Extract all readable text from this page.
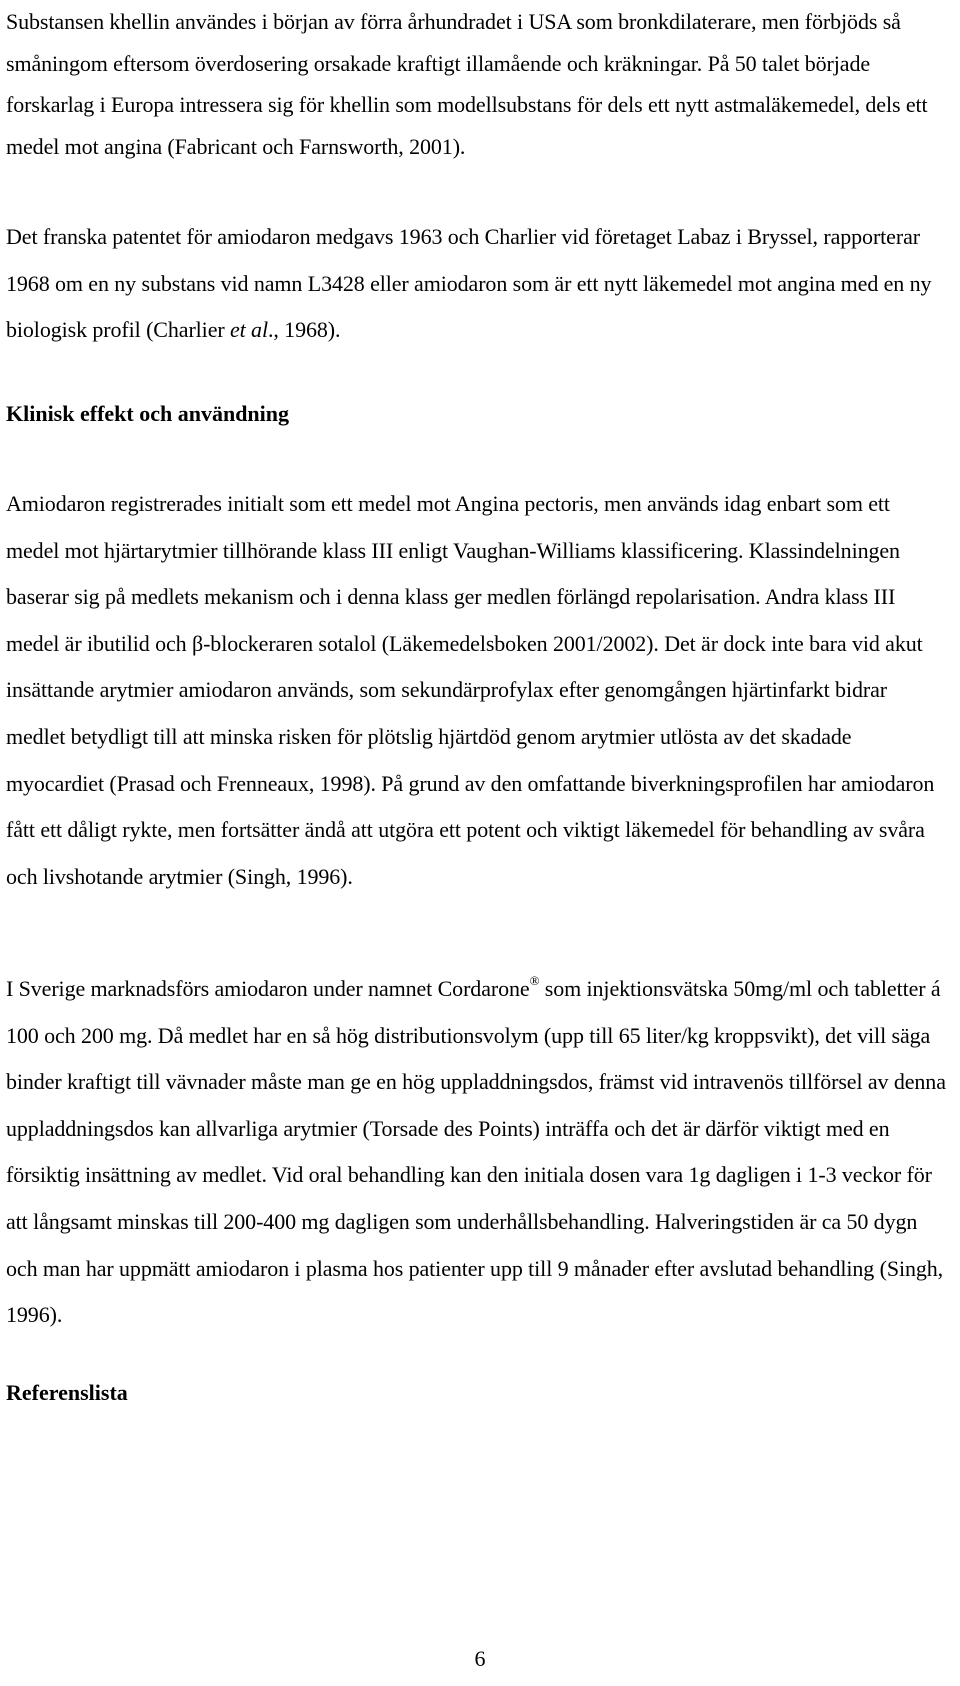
Substansen khellin användes i början av förra århundradet i USA som bronkdilaterare, men förbjöds så småningom eftersom överdosering orsakade kraftigt illamående och kräkningar. På 50 talet började forskarlag i Europa intressera sig för khellin som modellsubstans för dels ett nytt astmaläkemedel, dels ett medel mot angina (Fabricant och Farnsworth, 2001).

Det franska patentet för amiodaron medgavs 1963 och Charlier vid företaget Labaz i Bryssel, rapporterar 1968 om en ny substans vid namn L3428 eller amiodaron som är ett nytt läkemedel mot angina med en ny biologisk profil (Charlier et al., 1968).

Klinisk effekt och användning

Amiodaron registrerades initialt som ett medel mot Angina pectoris, men används idag enbart som ett medel mot hjärtarytmier tillhörande klass III enligt Vaughan-Williams klassificering. Klassindelningen baserar sig på medlets mekanism och i denna klass ger medlen förlängd repolarisation. Andra klass III medel är ibutilid och β-blockeraren sotalol (Läkemedelsboken 2001/2002). Det är dock inte bara vid akut insättande arytmier amiodaron används, som sekundärprofylax efter genomgången hjärtinfarkt bidrar medlet betydligt till att minska risken för plötslig hjärtdöd genom arytmier utlösta av det skadade myocardiet (Prasad och Frenneaux, 1998). På grund av den omfattande biverkningsprofilen har amiodaron fått ett dåligt rykte, men fortsätter ändå att utgöra ett potent och viktigt läkemedel för behandling av svåra och livshotande arytmier (Singh, 1996).

I Sverige marknadsförs amiodaron under namnet Cordarone® som injektionsvätska 50mg/ml och tabletter á 100 och 200 mg. Då medlet har en så hög distributionsvolym (upp till 65 liter/kg kroppsvikt), det vill säga binder kraftigt till vävnader måste man ge en hög uppladdningsdos, främst vid intravenös tillförsel av denna uppladdningsdos kan allvarliga arytmier (Torsade des Points) inträffa och det är därför viktigt med en försiktig insättning av medlet. Vid oral behandling kan den initiala dosen vara 1g dagligen i 1-3 veckor för att långsamt minskas till 200-400 mg dagligen som underhållsbehandling. Halveringstiden är ca 50 dygn och man har uppmätt amiodaron i plasma hos patienter upp till 9 månader efter avslutad behandling (Singh, 1996).

Referenslista
6
